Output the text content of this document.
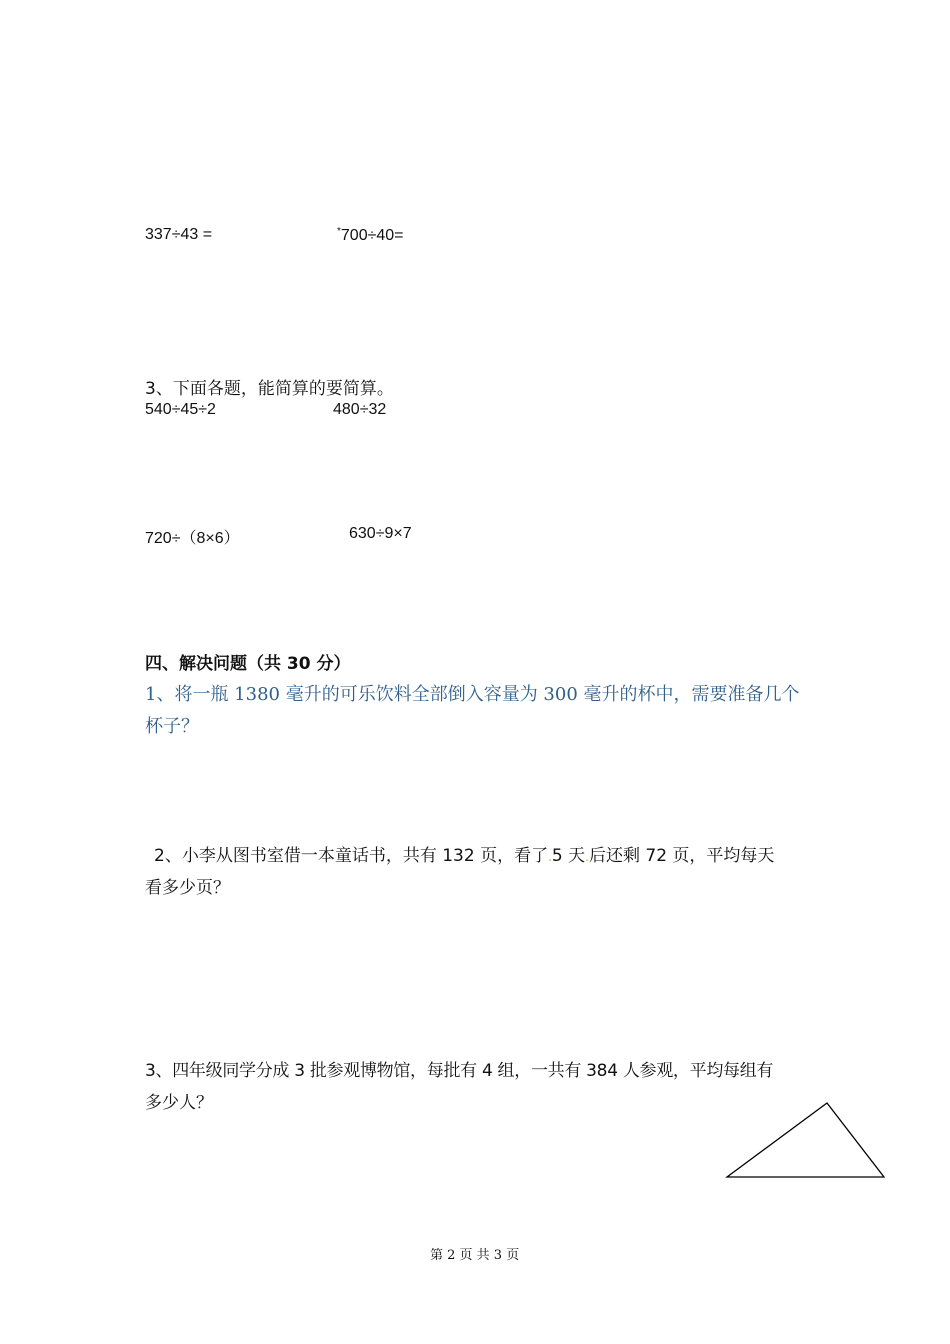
337÷43 =	*700÷40=
3、下面各题，能简算的要简算。
540÷45÷2	480÷32
720÷（8×6）	630÷9×7
四、解决问题（共 30 分）
1、将一瓶 1380 毫升的可乐饮料全部倒入容量为 300 毫升的杯中，需要准备几个
杯子？
2、小李从图书室借一本童话书，共有 132 页，看了.5 天.后还剩 72 页，平均每天
看多少页？
3、四年级同学分成 3 批参观博物馆，每批有 4 组，一共有 384 人参观，平均每组有
多少人？
第 2 页 共 3 页
